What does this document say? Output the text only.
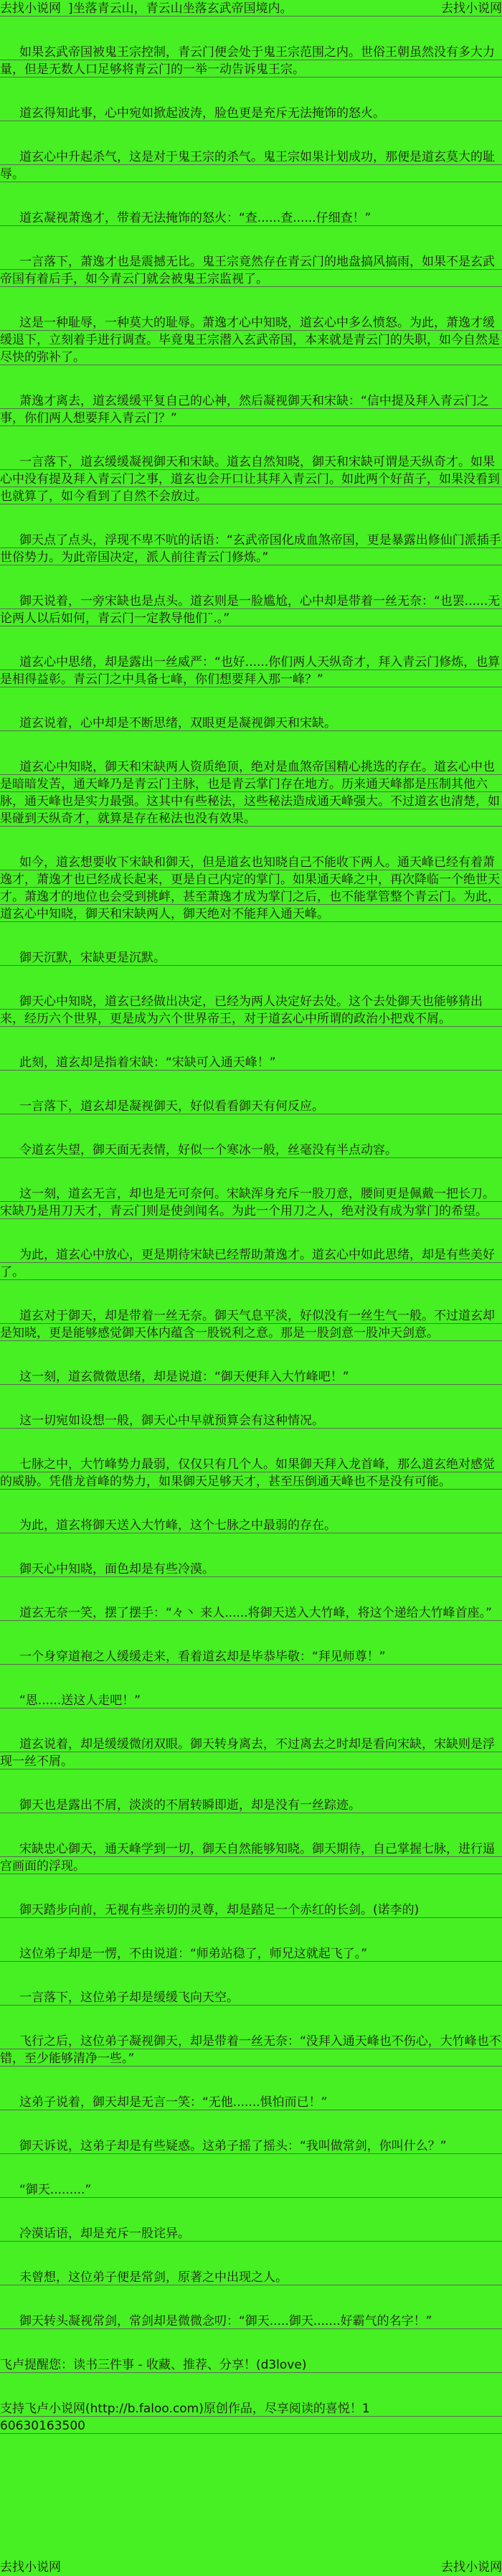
去找小说网 ]坐落青云山，青云山坐落玄武帝国境内。	去找小说网
如果玄武帝国被鬼王宗控制，青云门便会处于鬼王宗范围之内。世俗王朝虽然没有多大力量，但是无数人口足够将青云门的一举一动告诉鬼王宗。
道玄得知此事，心中宛如掀起波涛，脸色更是充斥无法掩饰的怒火。
道玄心中升起杀气，这是对于鬼王宗的杀气。鬼王宗如果计划成功，那便是道玄莫大的耻辱。
道玄凝视萧逸才，带着无法掩饰的怒火：“查......查......仔细查！”
一言落下，萧逸才也是震撼无比。鬼王宗竟然存在青云门的地盘搞风搞雨，如果不是玄武帝国有着后手，如今青云门就会被鬼王宗监视了。
这是一种耻辱，一种莫大的耻辱。萧逸才心中知晓，道玄心中多么愤怒。为此，萧逸才缓缓退下，立刻着手进行调查。毕竟鬼王宗潜入玄武帝国，本来就是青云门的失职，如今自然是尽快的弥补了。
萧逸才离去，道玄缓缓平复自己的心神，然后凝视御天和宋缺：“信中提及拜入青云门之事，你们两人想要拜入青云门？”
一言落下，道玄缓缓凝视御天和宋缺。道玄自然知晓，御天和宋缺可谓是天纵奇才。如果心中没有提及拜入青云门之事，道玄也会开口让其拜入青云门。如此两个好苗子，如果没看到也就算了，如今看到了自然不会放过。
御天点了点头，浮现不卑不吭的话语：“玄武帝国化成血煞帝国，更是暴露出修仙门派插手世俗势力。为此帝国决定，派人前往青云门修炼。”
御天说着，一旁宋缺也是点头。道玄则是一脸尴尬，心中却是带着一丝无奈：“也罢......无论两人以后如何，青云门一定教导他们¨.。”
道玄心中思绪，却是露出一丝威严：“也好......你们两人天纵奇才，拜入青云门修炼，也算是相得益彰。青云门之中具备七峰，你们想要拜入那一峰？”
道玄说着，心中却是不断思绪，双眼更是凝视御天和宋缺。
道玄心中知晓，御天和宋缺两人资质绝顶，绝对是血煞帝国精心挑选的存在。道玄心中也是暗暗发苦，通天峰乃是青云门主脉，也是青云掌门存在地方。历来通天峰都是压制其他六脉，通天峰也是实力最强。这其中有些秘法，这些秘法造成通天峰强大。不过道玄也清楚，如果碰到天纵奇才，就算是存在秘法也没有效果。
如今，道玄想要收下宋缺和御天，但是道玄也知晓自己不能收下两人。通天峰已经有着萧逸才，萧逸才也已经成长起来，更是自己内定的掌门。如果通天峰之中，再次降临一个绝世天才。萧逸才的地位也会受到挑衅，甚至萧逸才成为掌门之后，也不能掌管整个青云门。为此，道玄心中知晓，御天和宋缺两人，御天绝对不能拜入通天峰。
御天沉默，宋缺更是沉默。
御天心中知晓，道玄已经做出决定，已经为两人决定好去处。这个去处御天也能够猜出来，经历六个世界，更是成为六个世界帝王，对于道玄心中所谓的政治小把戏不屑。
此刻，道玄却是指着宋缺：“宋缺可入通天峰！”
一言落下，道玄却是凝视御天，好似看看御天有何反应。
令道玄失望，御天面无表情，好似一个寒冰一般，丝毫没有半点动容。
这一刻，道玄无言，却也是无可奈何。宋缺浑身充斥一股刀意，腰间更是佩戴一把长刀。宋缺乃是用刀天才，青云门则是使剑闻名。为此一个用刀之人，绝对没有成为掌门的希望。
为此，道玄心中放心，更是期待宋缺已经帮助萧逸才。道玄心中如此思绪，却是有些美好了。
道玄对于御天，却是带着一丝无奈。御天气息平淡，好似没有一丝生气一般。不过道玄却是知晓，更是能够感觉御天体内蕴含一股锐利之意。那是一股剑意一股冲天剑意。
这一刻，道玄微微思绪，却是说道：“御天便拜入大竹峰吧！”
这一切宛如设想一般，御天心中早就预算会有这种情况。
七脉之中，大竹峰势力最弱，仅仅只有几个人。如果御天拜入龙首峰，那么道玄绝对感觉的威胁。凭借龙首峰的势力，如果御天足够天才，甚至压倒通天峰也不是没有可能。
为此，道玄将御天送入大竹峰，这个七脉之中最弱的存在。
御天心中知晓，面色却是有些冷漠。
道玄无奈一笑，摆了摆手：“々丶 来人......将御天送入大竹峰，将这个递给大竹峰首座。”
一个身穿道袍之人缓缓走来，看着道玄却是毕恭毕敬：“拜见师尊！”
“恩......送这人走吧！”
道玄说着，却是缓缓微闭双眼。御天转身离去，不过离去之时却是看向宋缺，宋缺则是浮现一丝不屑。
御天也是露出不屑，淡淡的不屑转瞬即逝，却是没有一丝踪迹。
宋缺忠心御天，通天峰学到一切，御天自然能够知晓。御天期待，自己掌握七脉，进行逼宫画面的浮现。
御天踏步向前，无视有些亲切的灵尊，却是踏足一个赤红的长剑。(诺李的)
这位弟子却是一愣，不由说道：“师弟站稳了，师兄这就起飞了。”
一言落下，这位弟子却是缓缓飞向天空。
飞行之后，这位弟子凝视御天，却是带着一丝无奈：“没拜入通天峰也不伤心，大竹峰也不错，至少能够清净一些。”
这弟子说着，御天却是无言一笑：“无他.......惧怕而已！”
御天诉说，这弟子却是有些疑惑。这弟子摇了摇头：“我叫做常剑，你叫什么？”
“御天.........”
冷漠话语，却是充斥一股诧异。
未曾想，这位弟子便是常剑，原著之中出现之人。
御天转头凝视常剑，常剑却是微微念叨：“御天.....御天.......好霸气的名字！”
飞卢提醒您：读书三件事 - 收藏、推荐、分享！(d3love)
支持飞卢小说网(http://b.faloo.com)原创作品，尽享阅读的喜悦！1
60630163500
去找小说网	去找小说网
